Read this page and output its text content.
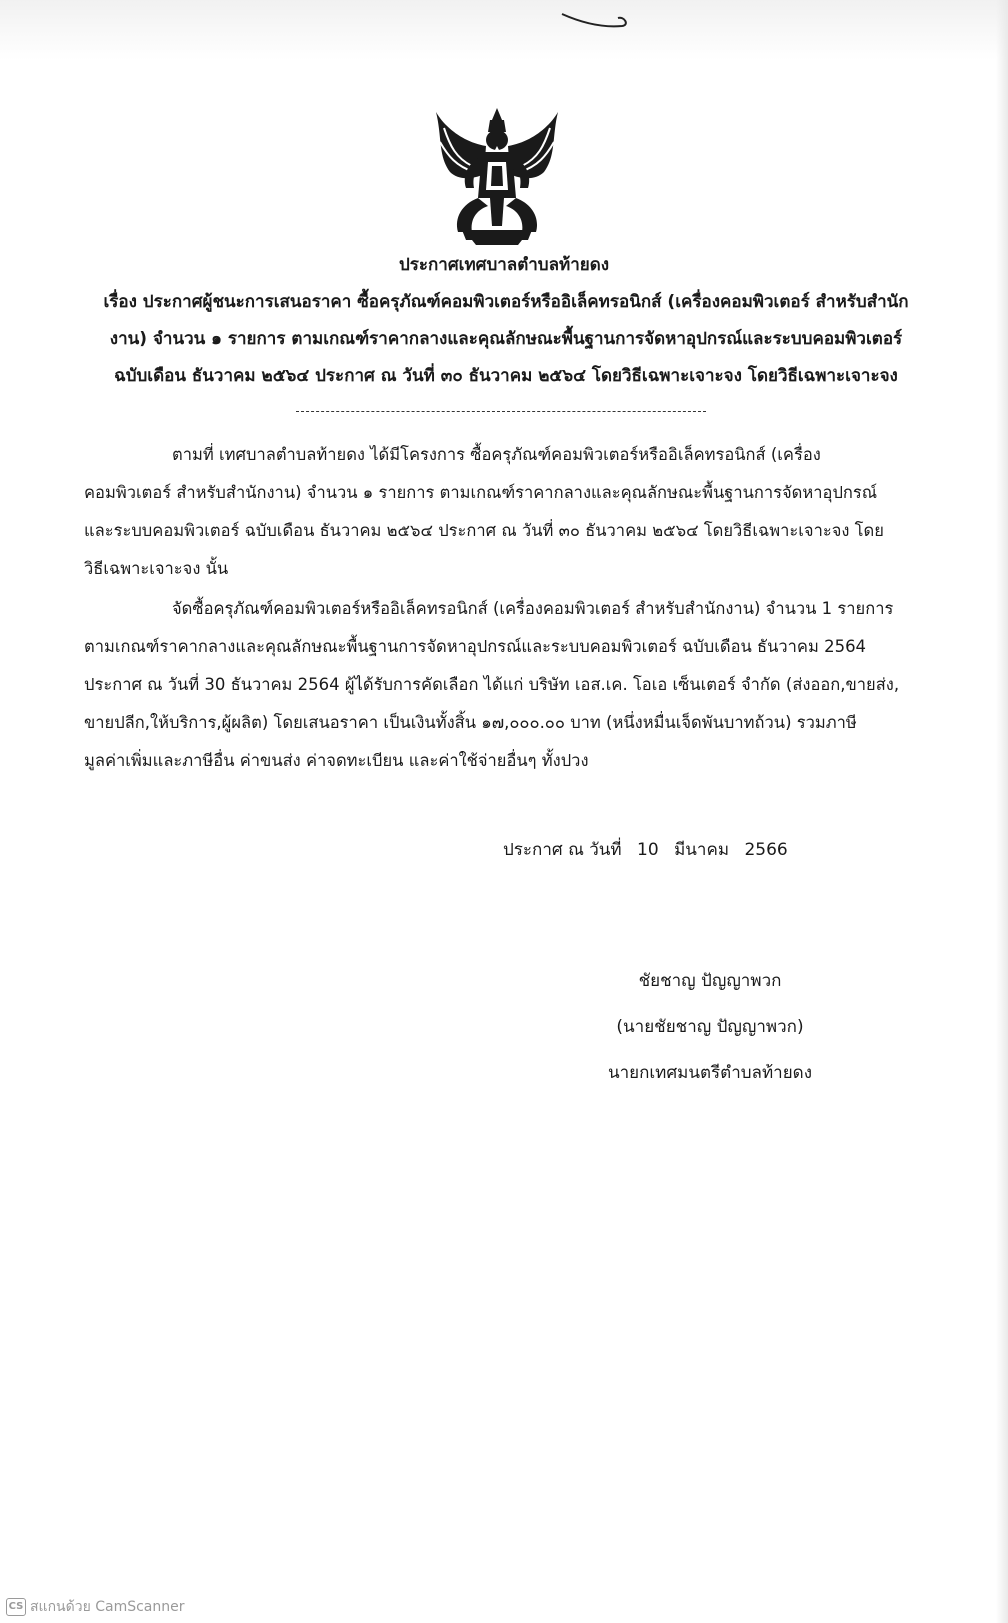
ประกาศเทศบาลตำบลท้ายดง
เรื่อง ประกาศผู้ชนะการเสนอราคา ซื้อครุภัณฑ์คอมพิวเตอร์หรืออิเล็คทรอนิกส์ (เครื่องคอมพิวเตอร์ สำหรับสำนัก
งาน) จำนวน ๑ รายการ ตามเกณฑ์ราคากลางและคุณลักษณะพื้นฐานการจัดหาอุปกรณ์และระบบคอมพิวเตอร์
ฉบับเดือน ธันวาคม ๒๕๖๔ ประกาศ ณ วันที่ ๓๐ ธันวาคม ๒๕๖๔ โดยวิธีเฉพาะเจาะจง โดยวิธีเฉพาะเจาะจง
ตามที่ เทศบาลตำบลท้ายดง ได้มีโครงการ ซื้อครุภัณฑ์คอมพิวเตอร์หรืออิเล็คทรอนิกส์ (เครื่อง
คอมพิวเตอร์ สำหรับสำนักงาน) จำนวน ๑ รายการ ตามเกณฑ์ราคากลางและคุณลักษณะพื้นฐานการจัดหาอุปกรณ์
และระบบคอมพิวเตอร์ ฉบับเดือน ธันวาคม ๒๕๖๔ ประกาศ ณ วันที่ ๓๐ ธันวาคม ๒๕๖๔ โดยวิธีเฉพาะเจาะจง โดย
วิธีเฉพาะเจาะจง นั้น
จัดซื้อครุภัณฑ์คอมพิวเตอร์หรืออิเล็คทรอนิกส์ (เครื่องคอมพิวเตอร์ สำหรับสำนักงาน) จำนวน 1 รายการ
ตามเกณฑ์ราคากลางและคุณลักษณะพื้นฐานการจัดหาอุปกรณ์และระบบคอมพิวเตอร์ ฉบับเดือน ธันวาคม 2564
ประกาศ ณ วันที่ 30 ธันวาคม 2564 ผู้ได้รับการคัดเลือก ได้แก่ บริษัท เอส.เค. โอเอ เซ็นเตอร์ จำกัด (ส่งออก,ขายส่ง,
ขายปลีก,ให้บริการ,ผู้ผลิต) โดยเสนอราคา เป็นเงินทั้งสิ้น ๑๗,๐๐๐.๐๐ บาท (หนึ่งหมื่นเจ็ดพันบาทถ้วน) รวมภาษี
มูลค่าเพิ่มและภาษีอื่น ค่าขนส่ง ค่าจดทะเบียน และค่าใช้จ่ายอื่นๆ ทั้งปวง
ประกาศ ณ วันที่ 10 มีนาคม 2566
ชัยชาญ ปัญญาพวก
(นายชัยชาญ ปัญญาพวก)
นายกเทศมนตรีตำบลท้ายดง
CS สแกนด้วย CamScanner
